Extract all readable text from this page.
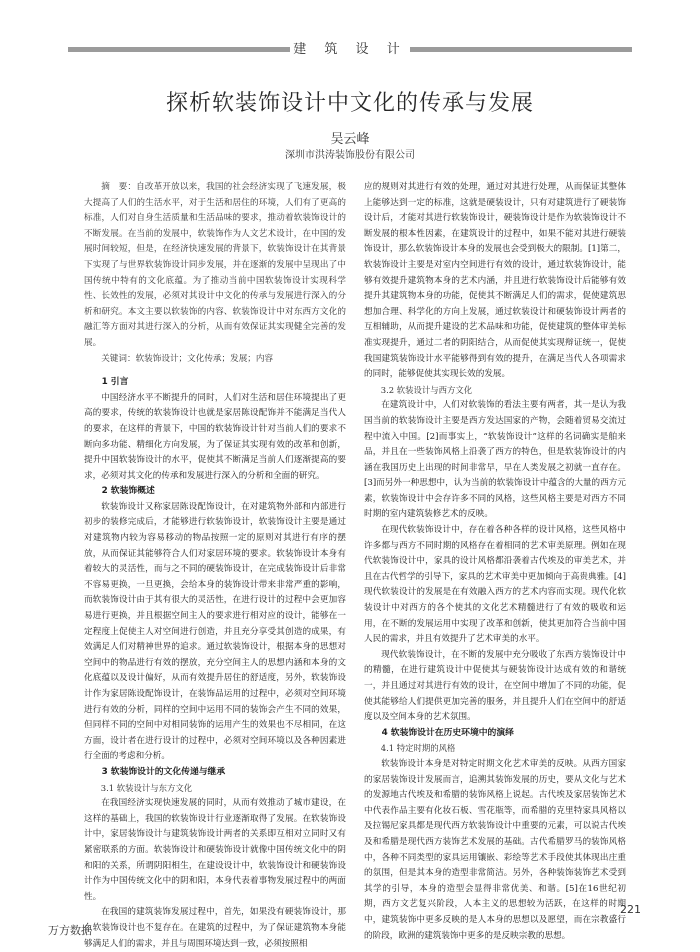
建 筑 设 计
探析软装饰设计中文化的传承与发展
吴云峰
深圳市洪涛装饰股份有限公司

摘　要：自改革开放以来，我国的社会经济实现了飞速发展，极大提高了人们的生活水平，对于生活和居住的环境，人们有了更高的标准，人们对自身生活质量和生活品味的要求，推动着软装饰设计的不断发展。在当前的发展中，软装饰作为人文艺术设计，在中国的发展时间较短，但是，在经济快速发展的背景下，软装饰设计在其背景下实现了与世界软装饰设计同步发展，并在逐渐的发展中呈现出了中国传统中特有的文化底蕴。为了推动当前中国软装饰设计实现科学性、长效性的发展，必须对其设计中文化的传承与发展进行深入的分析和研究。本文主要以软装饰的内容、软装饰设计中对东西方文化的融汇等方面对其进行深入的分析，从而有效保证其实现健全完善的发展。

关键词：软装饰设计；文化传承；发展；内容

1 引言

中国经济水平不断提升的同时，人们对生活和居住环境提出了更高的要求，传统的软装饰设计也就是家居陈设配饰并不能满足当代人的要求，在这样的背景下，中国的软装饰设计针对当前人们的要求不断向多功能、精细化方向发展，为了保证其实现有效的改革和创新，提升中国软装饰设计的水平，促使其不断满足当前人们逐渐提高的要求，必须对其文化的传承和发展进行深入的分析和全面的研究。

2 软装饰概述

软装饰设计又称家居陈设配饰设计，在对建筑物外部和内部进行初步的装修完成后，才能够进行软装饰设计，软装饰设计主要是通过对建筑物内较为容易移动的物品按照一定的原则对其进行有序的摆放，从而保证其能够符合人们对家居环境的要求。软装饰设计本身有着较大的灵活性，而与之不同的硬装饰设计，在完成装饰设计后非常不容易更换，一旦更换，会给本身的装饰设计带来非常严重的影响，而软装饰设计由于其有很大的灵活性，在进行设计的过程中会更加容易进行更换，并且根据空间主人的要求进行相对应的设计，能够在一定程度上促使主人对空间进行创造，并且充分享受其创造的成果，有效满足人们对精神世界的追求。通过软装饰设计，根据本身的思想对空间中的物品进行有效的摆放，充分空间主人的思想内涵和本身的文化底蕴以及设计偏好，从而有效提升居住的舒适度，另外，软装饰设计作为家居陈设配饰设计，在装饰品运用的过程中，必须对空间环境进行有效的分析，同样的空间中运用不同的装饰会产生不同的效果，但同样不同的空间中对相同装饰的运用产生的效果也不尽相同，在这方面，设计者在进行设计的过程中，必须对空间环境以及各种因素进行全面的考虑和分析。

3 软装饰设计的文化传递与继承
3.1 软装设计与东方文化

在我国经济实现快速发展的同时，从而有效推动了城市建设，在这样的基础上，我国的软装饰设计行业逐渐取得了发展。在软装饰设计中，家居装饰设计与建筑装饰设计两者的关系即互相对立同时又有紧密联系的方面。软装饰设计和硬装饰设计就像中国传统文化中的阴和阳的关系，所谓阴阳相生，在建设设计中，软装饰设计和硬装饰设计作为中国传统文化中的阴和阳，本身代表着事物发展过程中的两面性。

在我国的建筑装饰发展过程中，首先，如果没有硬装饰设计，那么软装饰设计也不复存在。在建筑的过程中，为了保证建筑物本身能够满足人们的需求，并且与周围环境达到一致，必须按照相

应的规则对其进行有效的处理，通过对其进行处理，从而保证其整体上能够达到一定的标准，这就是硬装设计，只有对建筑进行了硬装饰设计后，才能对其进行软装饰设计，硬装饰设计是作为软装饰设计不断发展的根本性因素，在建筑设计的过程中，如果不能对其进行硬装饰设计，那么软装饰设计本身的发展也会受到极大的限制。[1]第二，软装饰设计主要是对室内空间进行有效的设计，通过软装饰设计，能够有效提升建筑物本身的艺术内涵，并且进行软装饰设计后能够有效提升其建筑物本身的功能，促使其不断满足人们的需求，促使建筑思想加合理、科学化的方向上发展，通过软装设计和硬装饰设计两者的互相辅助，从而提升建设的艺术品味和功能，促使建筑的整体审美标准实现提升，通过二者的阴阳结合，从而促使其实现辩证统一，促使我国建筑装饰设计水平能够得到有效的提升，在满足当代人各项需求的同时，能够促使其实现长效的发展。

3.2 软装设计与西方文化

在建筑设计中，人们对软装饰的看法主要有两者，其一是认为我国当前的软装饰设计主要是西方发达国家的产物，会随着贸易交流过程中流入中国。[2]而事实上，“软装饰设计”这样的名词确实是舶来品，并且在一些装饰风格上沿袭了西方的特色，但是软装饰设计的内涵在我国历史上出现的时间非常早，早在人类发展之初就一直存在。[3]而另外一种思想中，认为当前的软装饰设计中蕴含的大量的西方元素，软装饰设计中会存许多不同的风格，这些风格主要是对西方不同时期的室内建筑装修艺术的反映。

在现代软装饰设计中，存在着各种各样的设计风格，这些风格中许多都与西方不同时期的风格存在着相同的艺术审美原理。例如在现代软装饰设计中，家具的设计风格都沿袭着古代埃及的审美艺术，并且在古代哲学的引导下，家具的艺术审美中更加倾向于高贵典雅。[4]现代软装设计的发展是在有效融入西方的艺术内容而实现。现代化软装设计中对西方的各个使其的文化艺术精髓进行了有效的吸收和运用，在不断的发展运用中实现了改革和创新，使其更加符合当前中国人民的需求，并且有效提升了艺术审美的水平。

现代软装饰设计，在不断的发展中充分吸收了东西方装饰设计中的精髓，在进行建筑设计中促使其与硬装饰设计达成有效的和谐统一，并且通过对其进行有效的设计，在空间中增加了不同的功能，促使其能够给人们提供更加完善的服务，并且提升人们在空间中的舒适度以及空间本身的艺术氛围。

4 软装饰设计在历史环境中的演绎
4.1 特定时期的风格

软装饰设计本身是对特定时期文化艺术审美的反映。从西方国家的家居装饰设计发展而言，追溯其装饰发展的历史，要从文化与艺术的发源地古代埃及和希腊的装饰风格上说起。古代埃及家居装饰艺术中代表作品主要有化妆石板、雪花瓶等，而希腊的克里特家具风格以及拉锡尼家具都是现代西方软装饰设计中重要的元素，可以说古代埃及和希腊是现代西方装饰艺术发展的基础。古代希腊罗马的装饰风格中，各种不同类型的家具运用镶嵌、彩绘等艺术手段使其体现出庄重的氛围，但是其本身的造型非常简洁。另外，各种装饰装饰艺术受到其学的引导，本身的造型会显得非常优美、和谐。[5]在16世纪初期，西方文艺复兴阶段，人本主义的思想较为活跃，在这样的时期中，建筑装饰中更多反映的是人本身的思想以及愿望，而在宗教盛行的阶段，欧洲的建筑装饰中更多的是反映宗教的思想。

221
万方数据
